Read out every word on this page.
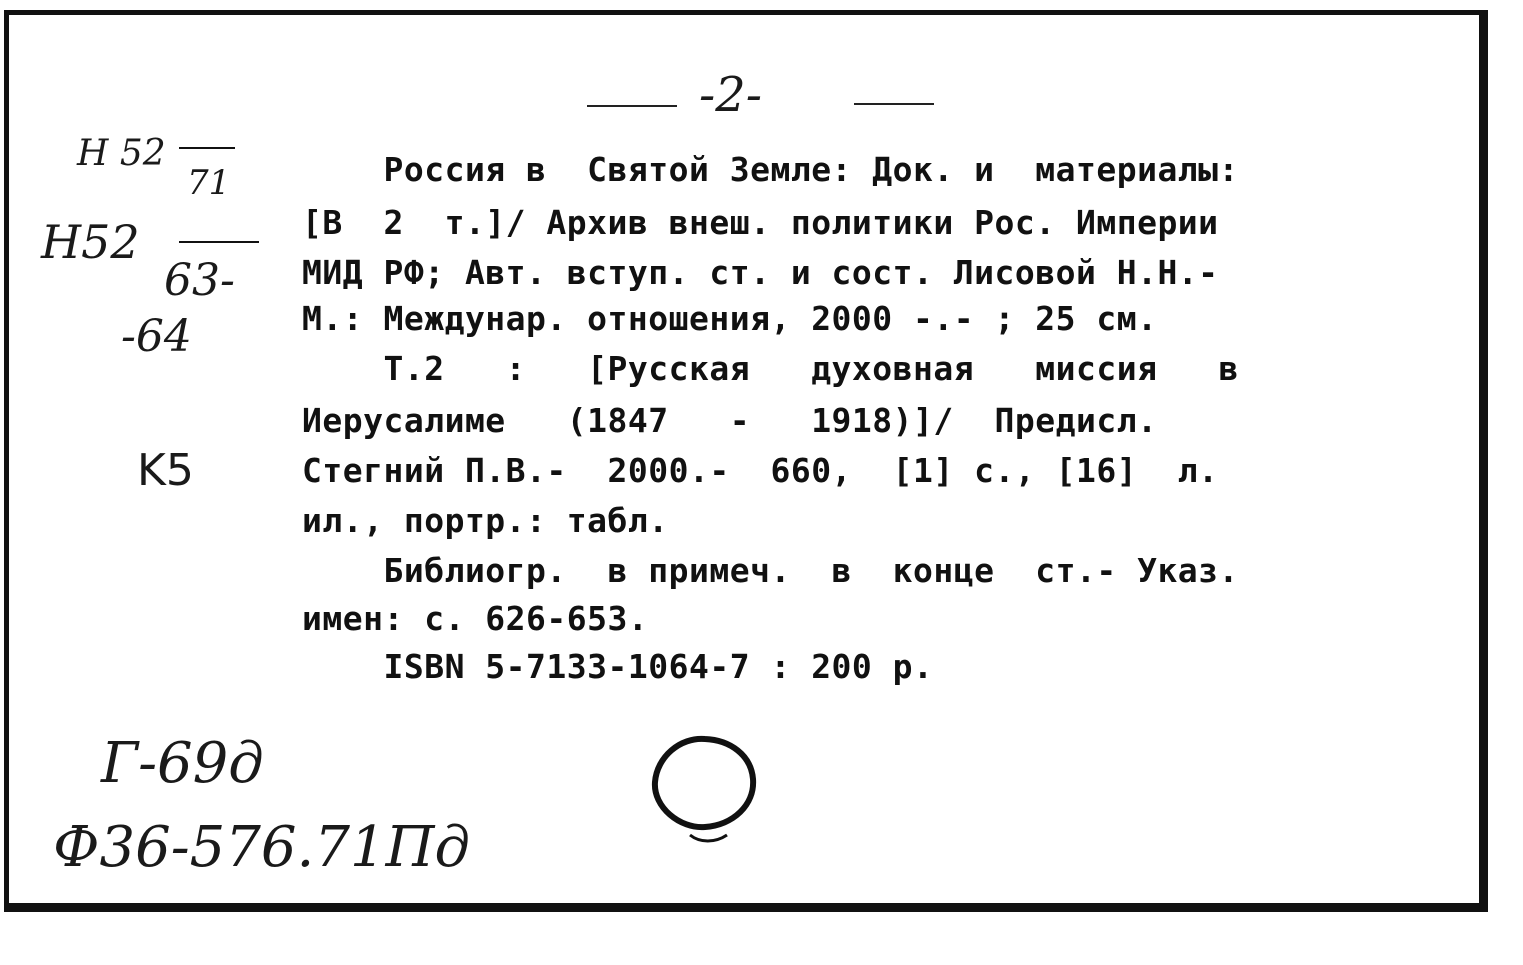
-2-
H 52
71
H52
63-
-64
K5
Россия в  Святой Земле: Док. и  материалы:
[В  2  т.]/ Архив внеш. политики Рос. Империи
МИД РФ; Авт. вступ. ст. и сост. Лисовой Н.Н.-
М.: Междунар. отношения, 2000 -.- ; 25 см.
Т.2   :   [Русская   духовная   миссия   в
Иерусалиме   (1847   -   1918)]/  Предисл.
Стегний П.В.-  2000.-  660,  [1] с., [16]  л.
ил., портр.: табл.
Библиогр.  в примеч.  в  конце  ст.- Указ.
имен: с. 626-653.
ISBN 5-7133-1064-7 : 200 р.
Г-69д
Ф36-576.71Пд
